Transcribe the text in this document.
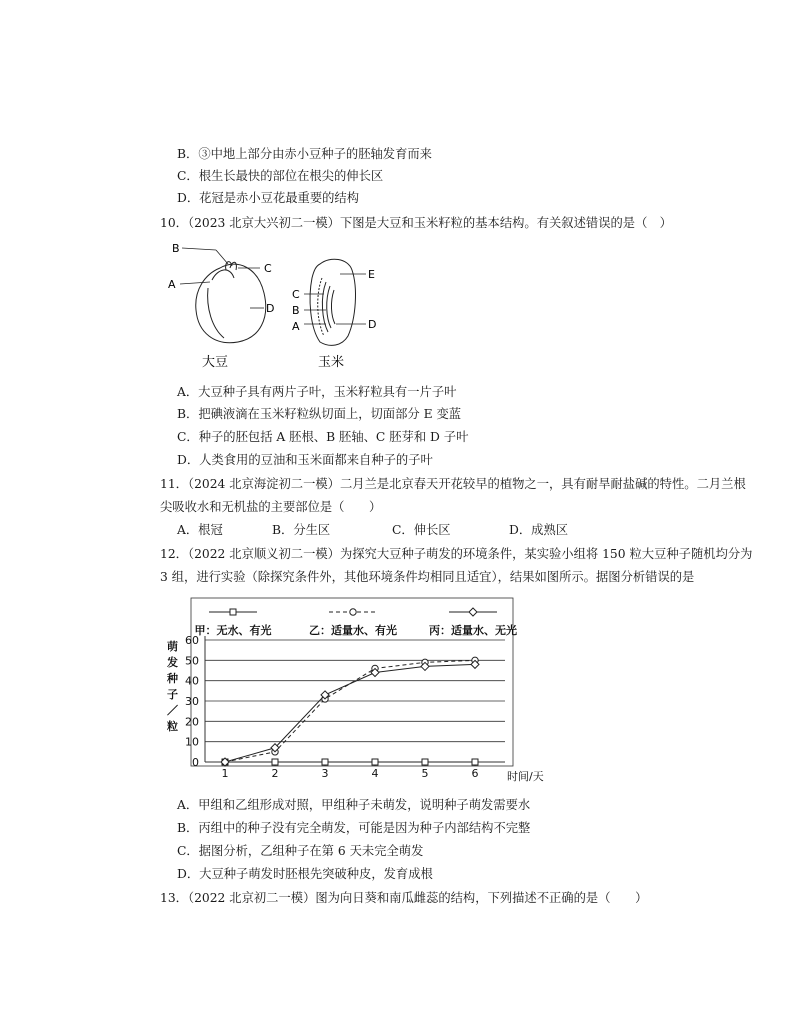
B．③中地上部分由赤小豆种子的胚轴发育而来
C．根生长最快的部位在根尖的伸长区
D．花冠是赤小豆花最重要的结构
10．（2023 北京大兴初二一模）下图是大豆和玉米籽粒的基本结构。有关叙述错误的是（　）
B
C
A
D
大豆
E
C
B
A	D
玉米
A．大豆种子具有两片子叶，玉米籽粒具有一片子叶
B．把碘液滴在玉米籽粒纵切面上，切面部分 E 变蓝
C．种子的胚包括 A 胚根、B 胚轴、C 胚芽和 D 子叶
D．人类食用的豆油和玉米面都来自种子的子叶
11．（2024 北京海淀初二一模）二月兰是北京春天开花较早的植物之一，具有耐旱耐盐碱的特性。二月兰根
尖吸收水和无机盐的主要部位是（　　）
A．根冠	B．分生区	C．伸长区	D．成熟区
12．（2022 北京顺义初二一模）为探究大豆种子萌发的环境条件，某实验小组将 150 粒大豆种子随机均分为
3 组，进行实验（除探究条件外，其他环境条件均相同且适宜），结果如图所示。据图分析错误的是
0
10
20
30
40
50
60
1	2	3	4	5	6	时间/天
萌发种子／粒
甲：无水、有光	乙：适量水、有光	丙：适量水、无光
A．甲组和乙组形成对照，甲组种子未萌发，说明种子萌发需要水
B．丙组中的种子没有完全萌发，可能是因为种子内部结构不完整
C．据图分析，乙组种子在第 6 天未完全萌发
D．大豆种子萌发时胚根先突破种皮，发育成根
13．（2022 北京初二一模）图为向日葵和南瓜雌蕊的结构，下列描述不正确的是（　　）
